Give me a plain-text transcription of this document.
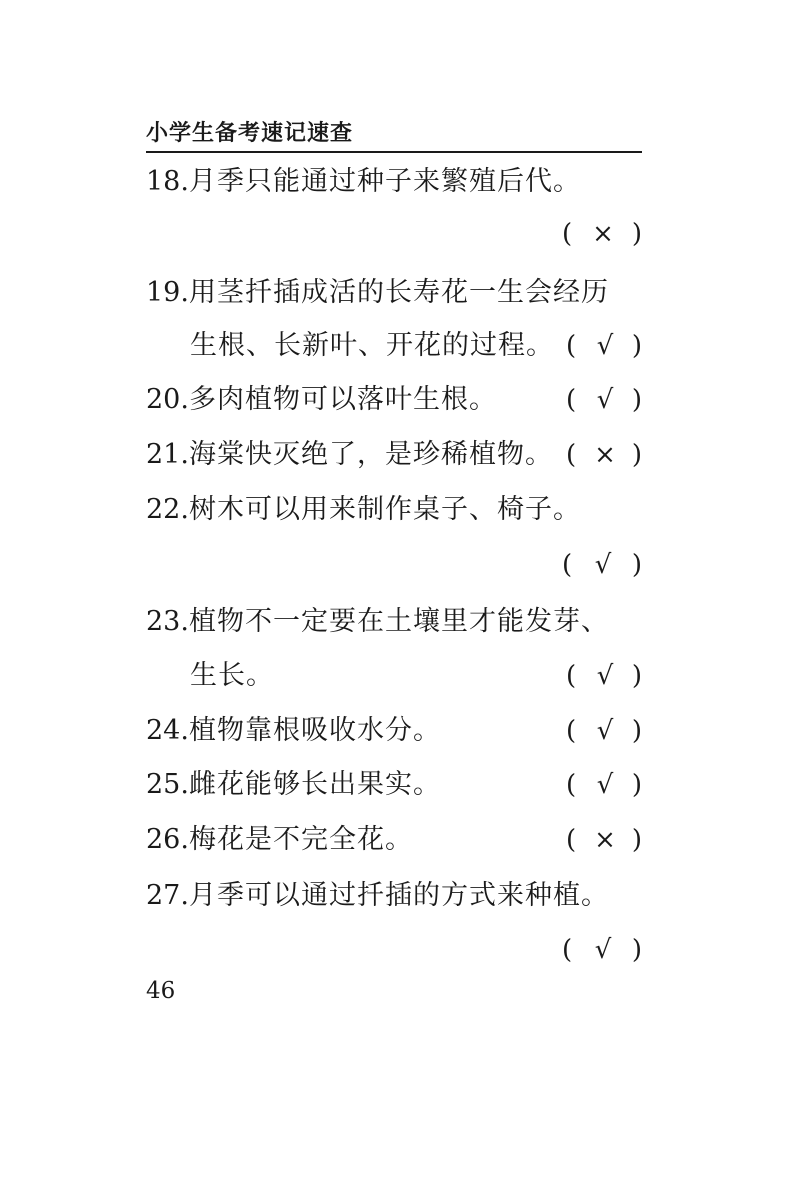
小学生备考速记速查
18.月季只能通过种子来繁殖后代。
( × )
19.用茎扦插成活的长寿花一生会经历
生根、长新叶、开花的过程。 ( √ )
20.多肉植物可以落叶生根。	( √ )
21.海棠快灭绝了，是珍稀植物。 ( × )
22.树木可以用来制作桌子、椅子。
( √ )
23.植物不一定要在土壤里才能发芽、
生长。	( √ )
24.植物靠根吸收水分。	( √ )
25.雌花能够长出果实。	( √ )
26.梅花是不完全花。	( × )
27.月季可以通过扦插的方式来种植。
( √ )
46
